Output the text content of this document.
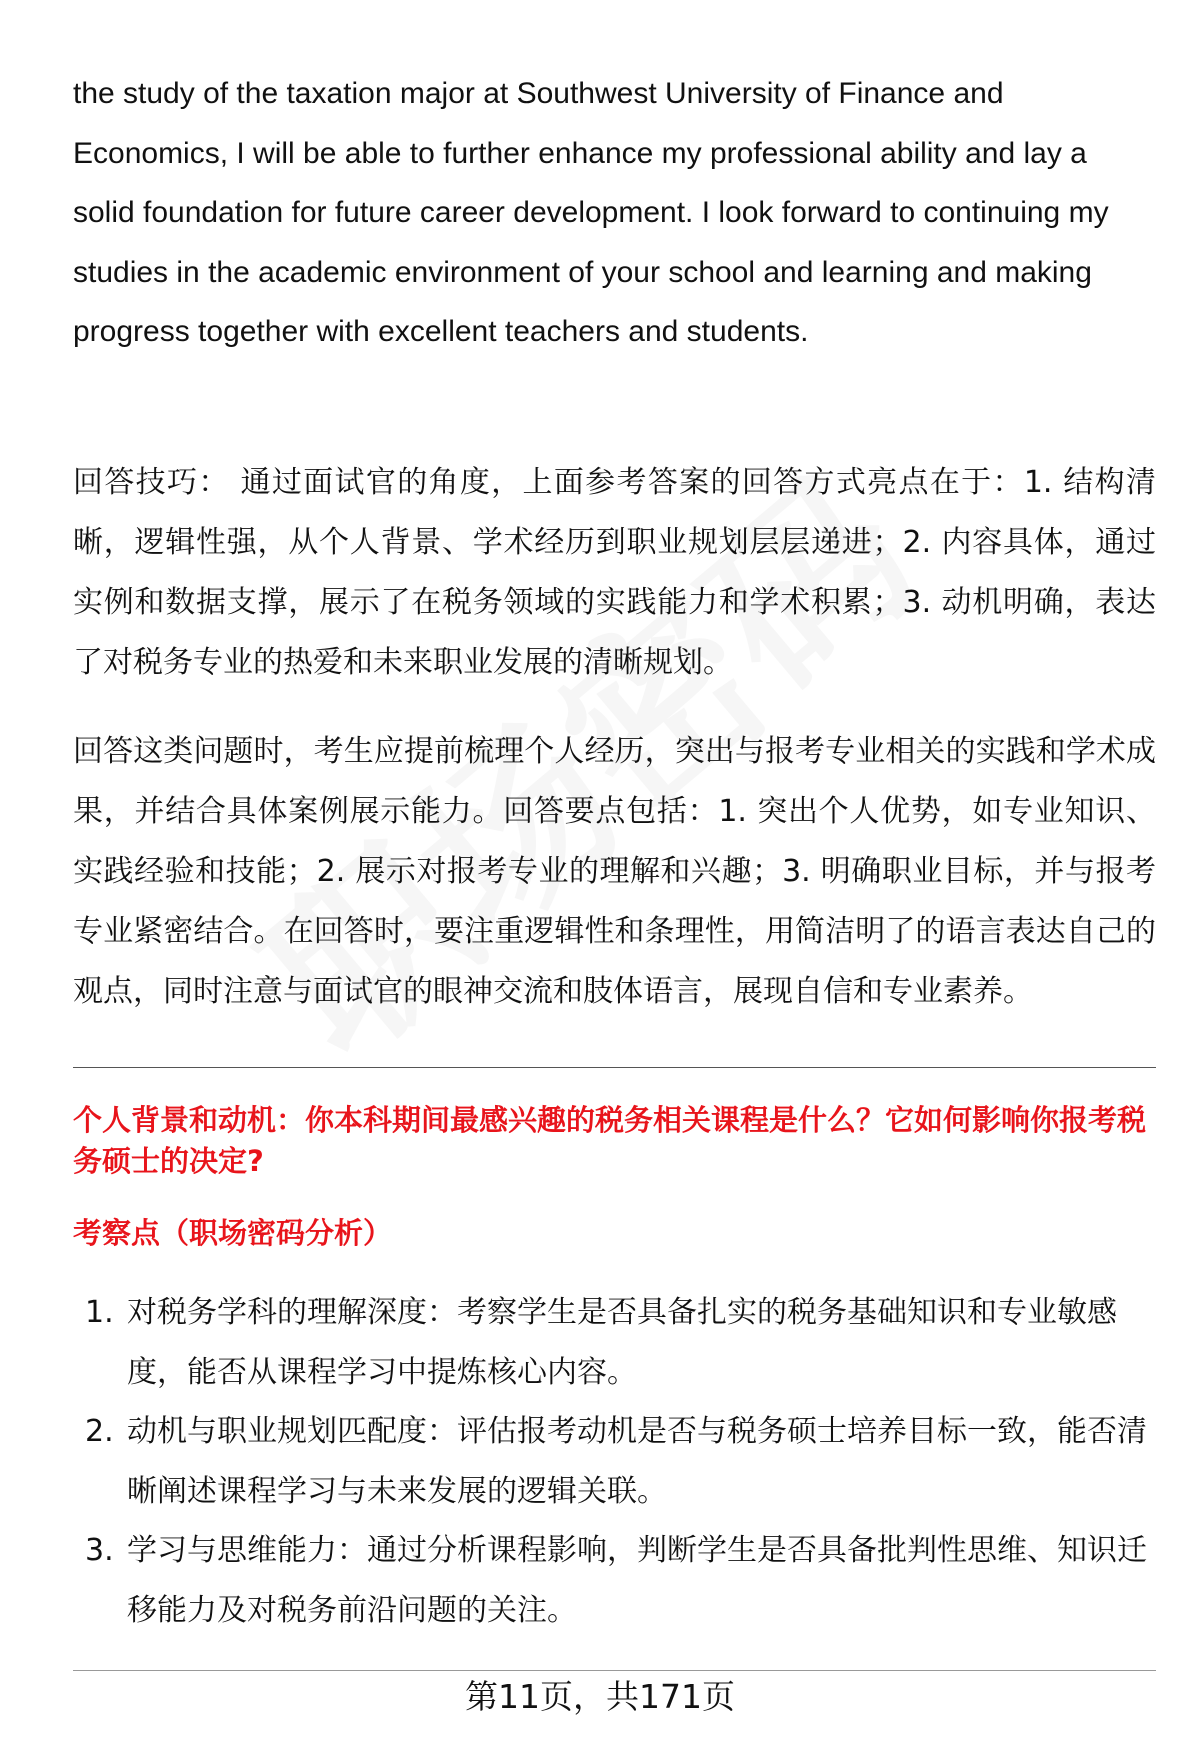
the study of the taxation major at Southwest University of Finance and Economics, I will be able to further enhance my professional ability and lay a solid foundation for future career development. I look forward to continuing my studies in the academic environment of your school and learning and making progress together with excellent teachers and students.
回答技巧： 通过面试官的角度，上面参考答案的回答方式亮点在于：1. 结构清晰，逻辑性强，从个人背景、学术经历到职业规划层层递进；2. 内容具体，通过实例和数据支撑，展示了在税务领域的实践能力和学术积累；3. 动机明确，表达了对税务专业的热爱和未来职业发展的清晰规划。
回答这类问题时，考生应提前梳理个人经历，突出与报考专业相关的实践和学术成果，并结合具体案例展示能力。回答要点包括：1. 突出个人优势，如专业知识、实践经验和技能；2. 展示对报考专业的理解和兴趣；3. 明确职业目标，并与报考专业紧密结合。在回答时，要注重逻辑性和条理性，用简洁明了的语言表达自己的观点，同时注意与面试官的眼神交流和肢体语言，展现自信和专业素养。
个人背景和动机：你本科期间最感兴趣的税务相关课程是什么？它如何影响你报考税务硕士的决定?
考察点（职场密码分析）
1. 对税务学科的理解深度：考察学生是否具备扎实的税务基础知识和专业敏感度，能否从课程学习中提炼核心内容。
2. 动机与职业规划匹配度：评估报考动机是否与税务硕士培养目标一致，能否清晰阐述课程学习与未来发展的逻辑关联。
3. 学习与思维能力：通过分析课程影响，判断学生是否具备批判性思维、知识迁移能力及对税务前沿问题的关注。
第11页，共171页
